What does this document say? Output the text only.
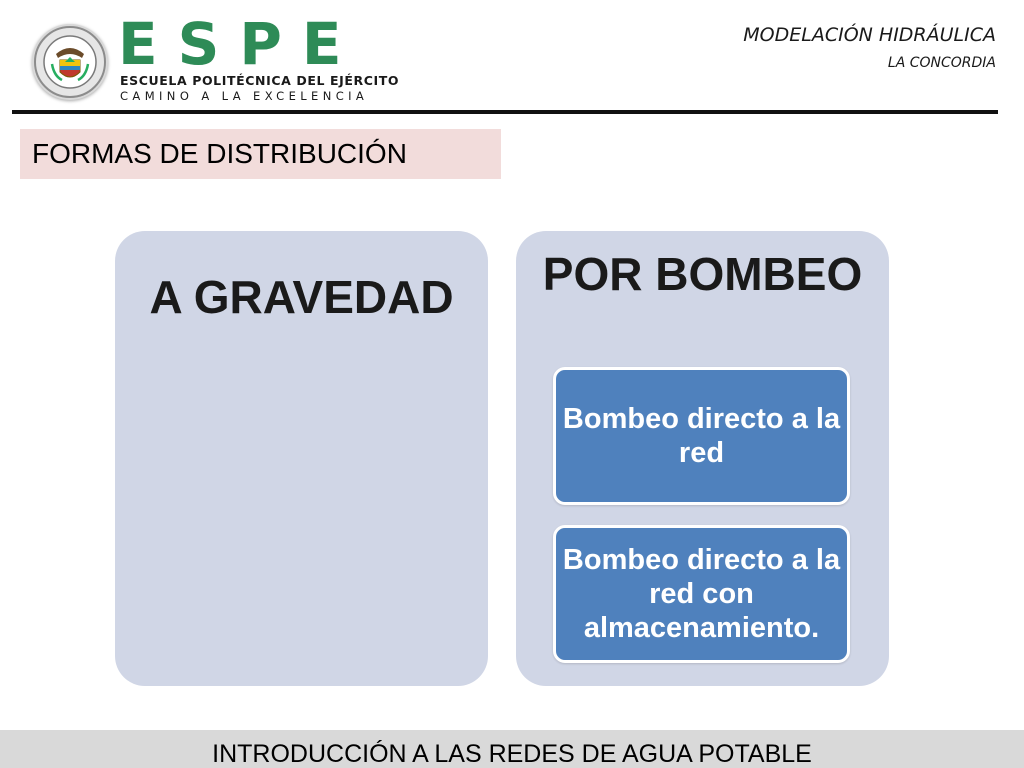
ESPE
ESCUELA POLITÉCNICA DEL EJÉRCITO
CAMINO A LA EXCELENCIA
MODELACIÓN HIDRÁULICA
LA CONCORDIA
FORMAS DE DISTRIBUCIÓN
A GRAVEDAD	POR BOMBEO
Bombeo directo a la red
Bombeo directo a la red con almacenamiento.
INTRODUCCIÓN A LAS REDES DE AGUA POTABLE
